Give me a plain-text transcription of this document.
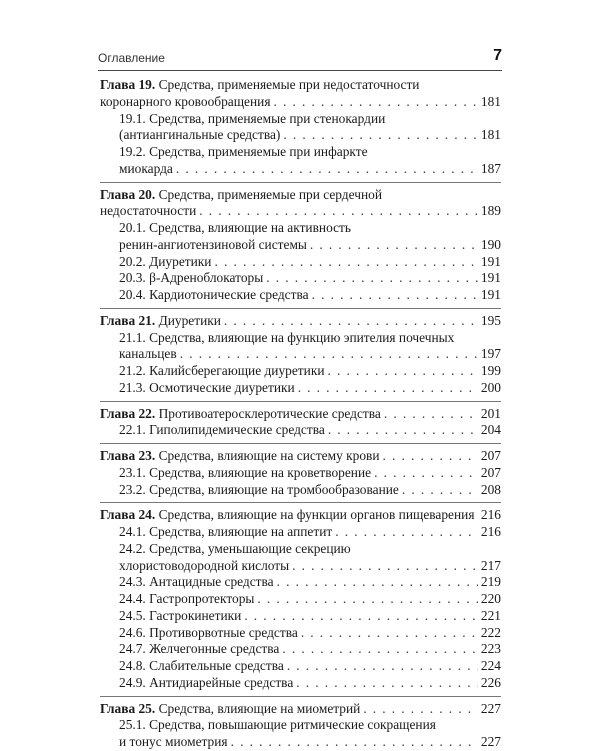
Оглавление	7
Глава 19. Средства, применяемые при недостаточности
коронарного кровообращения . . .	181
19.1. Средства, применяемые при стенокардии
(антиангинальные средства) . . .	181
19.2. Средства, применяемые при инфаркте
миокарда . . .	187
Глава 20. Средства, применяемые при сердечной
недостаточности . . .	189
20.1. Средства, влияющие на активность
ренин-ангиотензиновой системы . . .	190
20.2. Диуретики . . .	191
20.3. β-Адреноблокаторы . . .	191
20.4. Кардиотонические средства . . .	191
Глава 21. Диуретики . . .	195
21.1. Средства, влияющие на функцию эпителия почечных
канальцев . . .	197
21.2. Калийсберегающие диуретики . . .	199
21.3. Осмотические диуретики . . .	200
Глава 22. Противоатеросклеротические средства . . .	201
22.1. Гиполипидемические средства . . .	204
Глава 23. Средства, влияющие на систему крови . . .	207
23.1. Средства, влияющие на кроветворение . . .	207
23.2. Средства, влияющие на тромбообразование . . .	208
Глава 24. Средства, влияющие на функции органов пищеварения . . . 216
24.1. Средства, влияющие на аппетит . . .	216
24.2. Средства, уменьшающие секрецию
хлористоводородной кислоты . . .	217
24.3. Антацидные средства . . .	219
24.4. Гастропротекторы . . .	220
24.5. Гастрокинетики . . .	221
24.6. Противорвотные средства . . .	222
24.7. Желчегонные средства . . .	223
24.8. Слабительные средства . . .	224
24.9. Антидиарейные средства . . .	226
Глава 25. Средства, влияющие на миометрий . . .	227
25.1. Средства, повышающие ритмические сокращения
и тонус миометрия . . .	227
